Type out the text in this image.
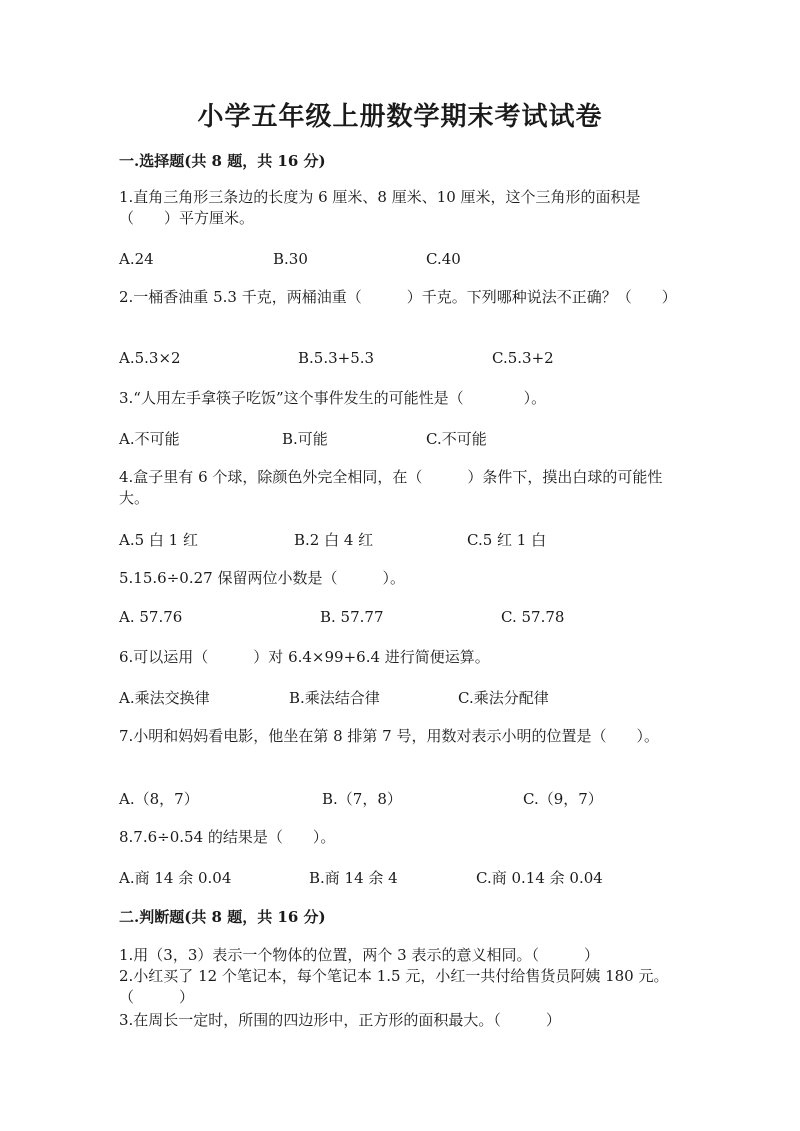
小学五年级上册数学期末考试试卷
一.选择题(共 8 题，共 16 分)
1.直角三角形三条边的长度为 6 厘米、8 厘米、10 厘米，这个三角形的面积是（　　）平方厘米。
A.24	B.30	C.40
2.一桶香油重 5.3 千克，两桶油重（　　　）千克。下列哪种说法不正确？（　　）
A.5.3×2	B.5.3+5.3	C.5.3+2
3.“人用左手拿筷子吃饭”这个事件发生的可能性是（　　　　）。
A.不可能	B.可能	C.不可能
4.盒子里有 6 个球，除颜色外完全相同，在（　　　）条件下，摸出白球的可能性大。
A.5 白 1 红	B.2 白 4 红	C.5 红 1 白
5.15.6÷0.27 保留两位小数是（　　　）。
A. 57.76	B. 57.77	C. 57.78
6.可以运用（　　　）对 6.4×99+6.4 进行简便运算。
A.乘法交换律	B.乘法结合律	C.乘法分配律
7.小明和妈妈看电影，他坐在第 8 排第 7 号，用数对表示小明的位置是（　　）。
A.（8，7）	B.（7，8）	C.（9，7）
8.7.6÷0.54 的结果是（　　）。
A.商 14 余 0.04	B.商 14 余 4	C.商 0.14 余 0.04
二.判断题(共 8 题，共 16 分)
1.用（3，3）表示一个物体的位置，两个 3 表示的意义相同。（　　　）
2.小红买了 12 个笔记本，每个笔记本 1.5 元，小红一共付给售货员阿姨 180 元。（　　　）
3.在周长一定时，所围的四边形中，正方形的面积最大。（　　　）
